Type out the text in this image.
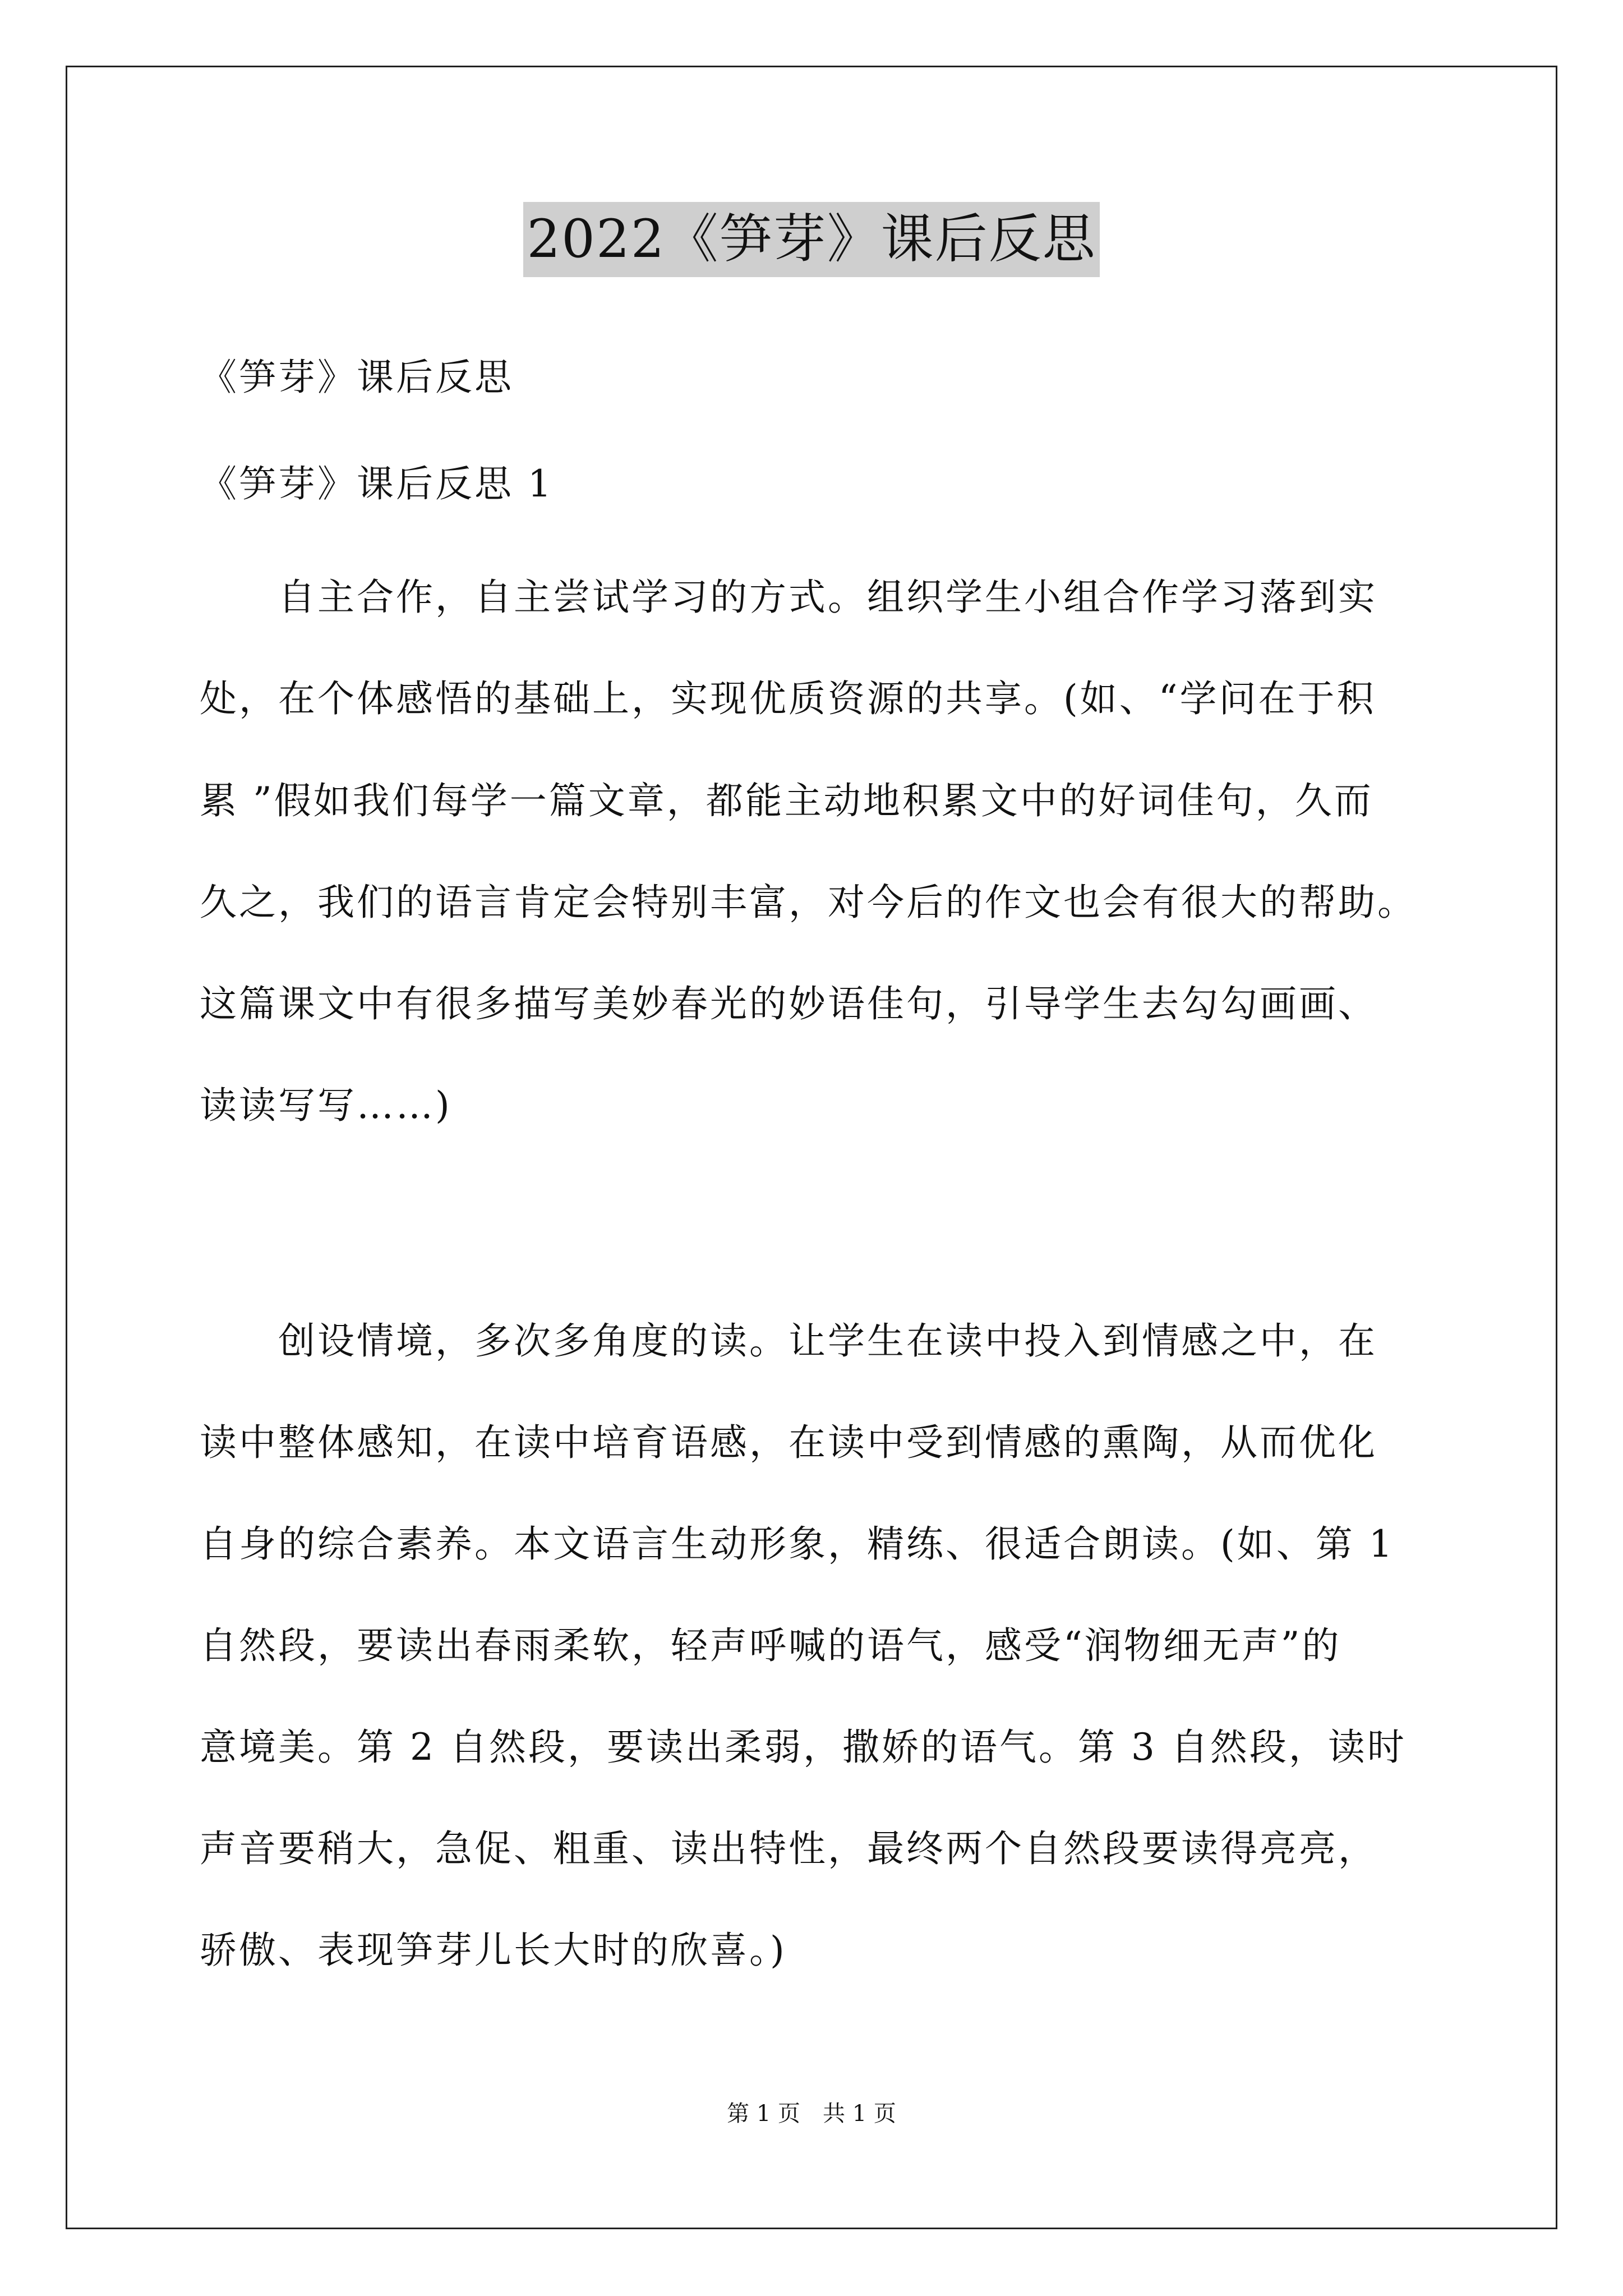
2022《笋芽》课后反思
《笋芽》课后反思
《笋芽》课后反思 1
　　自主合作，自主尝试学习的方式。组织学生小组合作学习落到实
处，在个体感悟的基础上，实现优质资源的共享。(如、“学问在于积
累 ”假如我们每学一篇文章，都能主动地积累文中的好词佳句，久而
久之，我们的语言肯定会特别丰富，对今后的作文也会有很大的帮助。
这篇课文中有很多描写美妙春光的妙语佳句，引导学生去勾勾画画、
读读写写……)
　　创设情境，多次多角度的读。让学生在读中投入到情感之中，在
读中整体感知，在读中培育语感，在读中受到情感的熏陶，从而优化
自身的综合素养。本文语言生动形象，精练、很适合朗读。(如、第 1
自然段，要读出春雨柔软，轻声呼喊的语气，感受“润物细无声”的
意境美。第 2 自然段，要读出柔弱，撒娇的语气。第 3 自然段，读时
声音要稍大，急促、粗重、读出特性，最终两个自然段要读得亮亮，
骄傲、表现笋芽儿长大时的欣喜。)
第 1 页　共 1 页
